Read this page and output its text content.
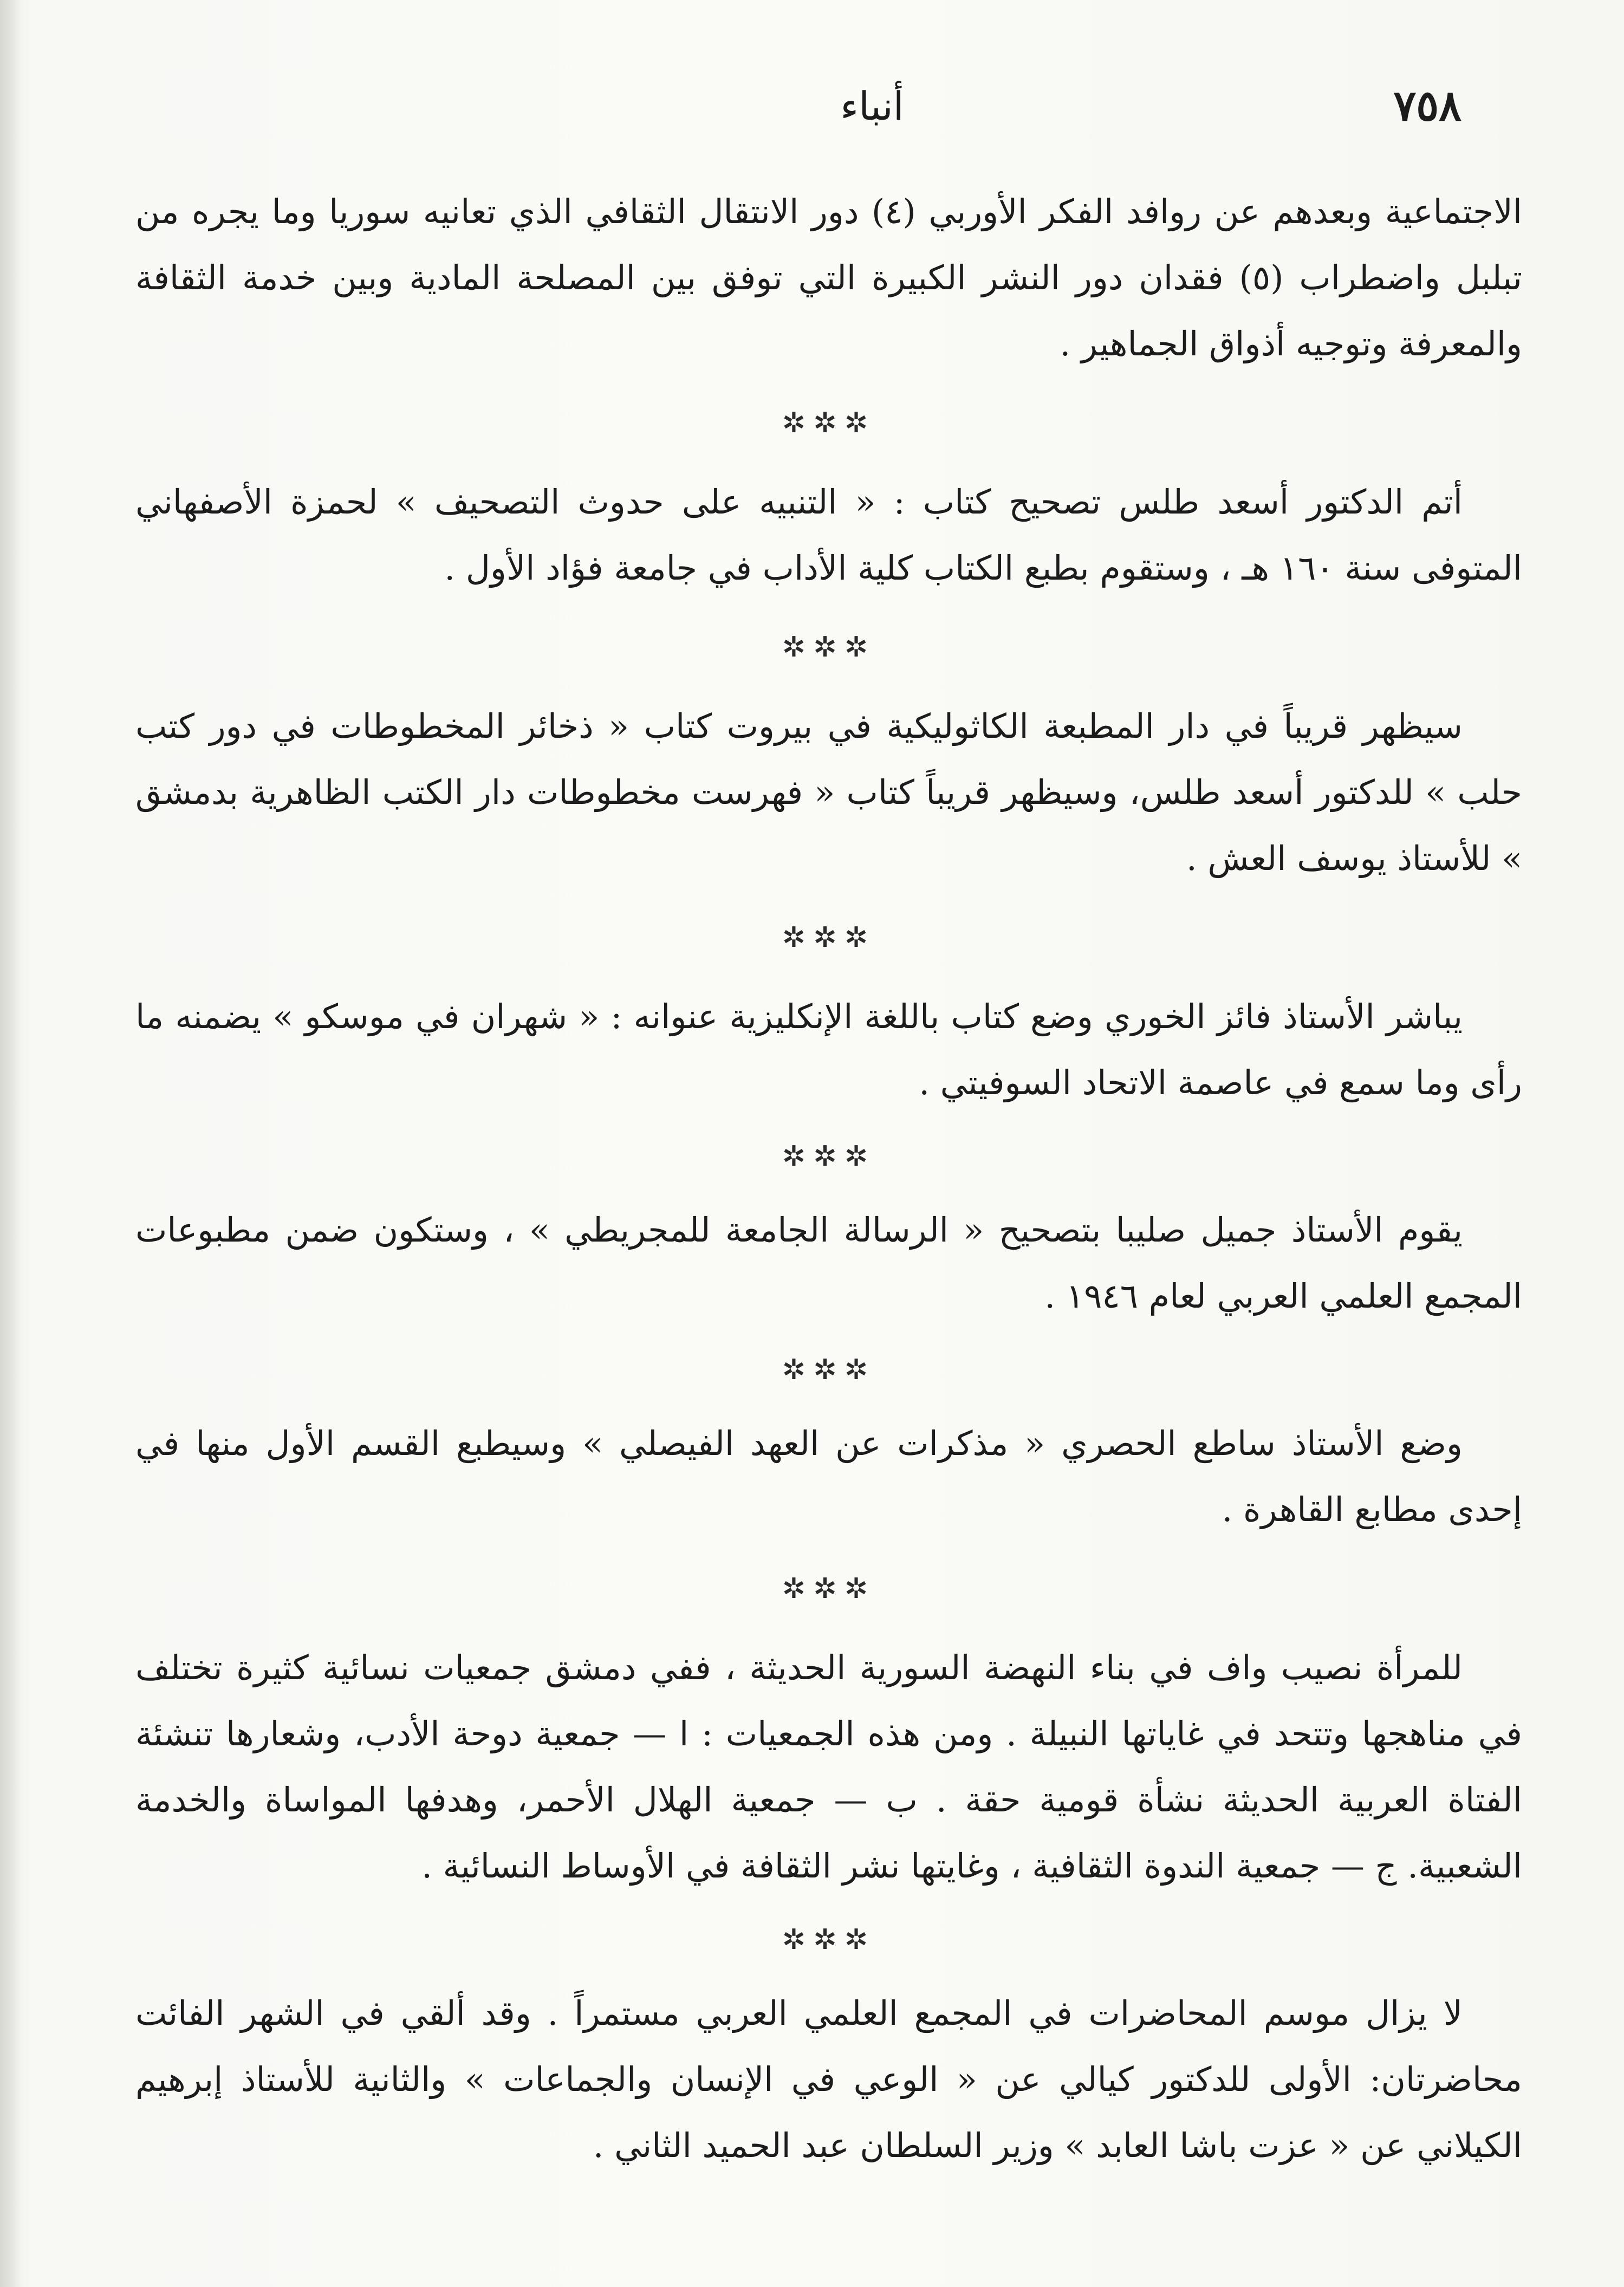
٧٥٨
أنباء

الاجتماعية وبعدهم عن روافد الفكر الأوربي (٤) دور الانتقال الثقافي الذي تعانيه سوريا وما يجره من تبلبل واضطراب (٥) فقدان دور النشر الكبيرة التي توفق بين المصلحة المادية وبين خدمة الثقافة والمعرفة وتوجيه أذواق الجماهير .

✲✲✲

أتم الدكتور أسعد طلس تصحيح كتاب : « التنبيه على حدوث التصحيف » لحمزة الأصفهاني المتوفى سنة ١٦٠ هـ ، وستقوم بطبع الكتاب كلية الأداب في جامعة فؤاد الأول .

✲✲✲

سيظهر قريباً في دار المطبعة الكاثوليكية في بيروت كتاب « ذخائر المخطوطات في دور كتب حلب » للدكتور أسعد طلس، وسيظهر قريباً كتاب « فهرست مخطوطات دار الكتب الظاهرية بدمشق » للأستاذ يوسف العش .

✲✲✲

يباشر الأستاذ فائز الخوري وضع كتاب باللغة الإنكليزية عنوانه : « شهران في موسكو » يضمنه ما رأى وما سمع في عاصمة الاتحاد السوفيتي .

✲✲✲

يقوم الأستاذ جميل صليبا بتصحيح « الرسالة الجامعة للمجريطي » ، وستكون ضمن مطبوعات المجمع العلمي العربي لعام ١٩٤٦ .

✲✲✲

وضع الأستاذ ساطع الحصري « مذكرات عن العهد الفيصلي » وسيطبع القسم الأول منها في إحدى مطابع القاهرة .

✲✲✲

للمرأة نصيب واف في بناء النهضة السورية الحديثة ، ففي دمشق جمعيات نسائية كثيرة تختلف في مناهجها وتتحد في غاياتها النبيلة . ومن هذه الجمعيات : ا — جمعية دوحة الأدب، وشعارها تنشئة الفتاة العربية الحديثة نشأة قومية حقة . ب — جمعية الهلال الأحمر، وهدفها المواساة والخدمة الشعبية. ج — جمعية الندوة الثقافية ، وغايتها نشر الثقافة في الأوساط النسائية .

✲✲✲

لا يزال موسم المحاضرات في المجمع العلمي العربي مستمراً . وقد ألقي في الشهر الفائت محاضرتان: الأولى للدكتور كيالي عن « الوعي في الإنسان والجماعات » والثانية للأستاذ إبرهيم الكيلاني عن « عزت باشا العابد » وزير السلطان عبد الحميد الثاني .
